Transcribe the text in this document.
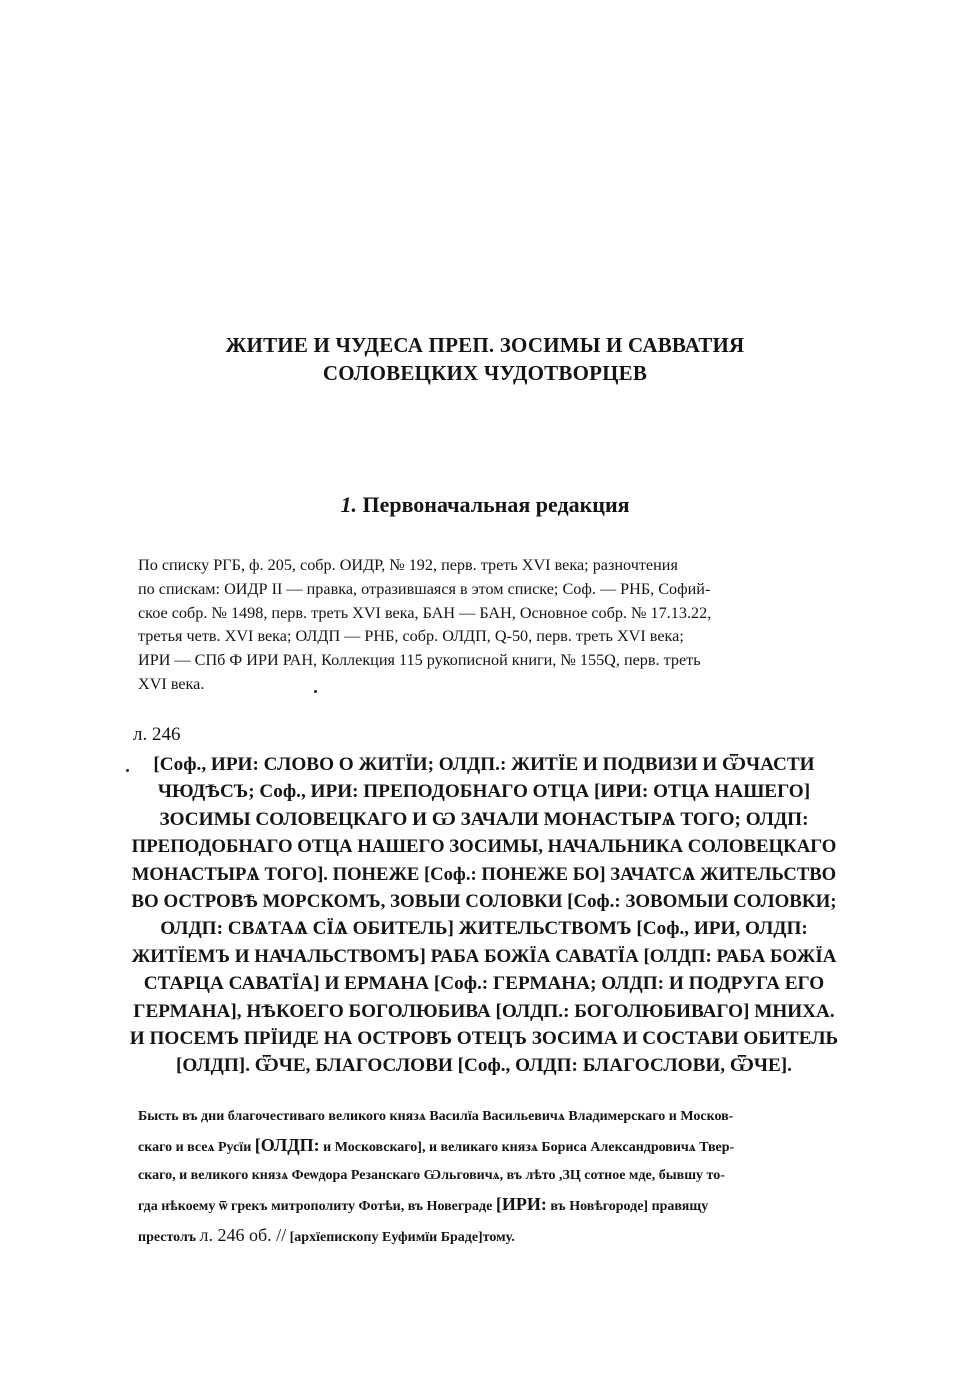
ЖИТИЕ И ЧУДЕСА ПРЕП. ЗОСИМЫ И САВВАТИЯ
СОЛОВЕЦКИХ ЧУДОТВОРЦЕВ
1. Первоначальная редакция
По списку РГБ, ф. 205, собр. ОИДР, № 192, перв. треть XVI века; разночтения
по спискам: ОИДР II — правка, отразившаяся в этом списке; Соф. — РНБ, Софий-
ское собр. № 1498, перв. треть XVI века, БАН — БАН, Основное собр. № 17.13.22,
третья четв. XVI века; ОЛДП — РНБ, собр. ОЛДП, Q-50, перв. треть XVI века;
ИРИ — СПб Ф ИРИ РАН, Коллекция 115 рукописной книги, № 155Q, перв. треть
XVI века.
л. 246
[Соф., ИРИ: СЛОВО О ЖИТЇИ; ОЛДП.: ЖИТЇЕ И ПОДВИЗИ И ѾЧАСТИ
ЧЮДѢСЪ; Соф., ИРИ: ПРЕПОДОБНАГО ОТЦА [ИРИ: ОТЦА НАШЕГО]
ЗОСИМЫ СОЛОВЕЦКАГО И Ѡ ЗАЧАЛИ МОНАСТЫРѦ ТОГО; ОЛДП:
ПРЕПОДОБНАГО ОТЦА НАШЕГО ЗОСИМЫ, НАЧАЛЬНИКА СОЛОВЕЦКАГО
МОНАСТЫРѦ ТОГО]. ПОНЕЖЕ [Соф.: ПОНЕЖЕ БО] ЗАЧАТСѦ ЖИТЕЛЬСТВО
ВО ОСТРОВѢ МОРСКОМЪ, ЗОВЫИ СОЛОВКИ [Соф.: ЗОВОМЫИ СОЛОВКИ;
ОЛДП: СВѦТАѦ СЇѦ ОБИТЕЛЬ] ЖИТЕЛЬСТВОМЪ [Соф., ИРИ, ОЛДП:
ЖИТЇЕМЪ И НАЧАЛЬСТВОМЪ] РАБА БОЖЇА САВАТЇА [ОЛДП: РАБА БОЖЇА
СТАРЦА САВАТЇА] И ЕРМАНА [Соф.: ГЕРМАНА; ОЛДП: И ПОДРУГА ЕГО
ГЕРМАНА], НѢКОЕГО БОГОЛЮБИВА [ОЛДП.: БОГОЛЮБИВАГО] МНИХА.
И ПОСЕМЪ ПРЇИДЕ НА ОСТРОВЪ ОТЕЦЪ ЗОСИМА И СОСТАВИ ОБИТЕЛЬ
[ОЛДП]. ѾЧЕ, БЛАГОСЛОВИ [Соф., ОЛДП: БЛАГОСЛОВИ, ѾЧЕ].
Бысть въ дни благочестиваго великого князѧ Василїа Васильевичѧ Владимерскаго и Москов-
скаго и всеѧ Русїи [ОЛДП: и Московскаго], и великаго князѧ Бориса Александровичѧ Твер-
скаго, и великого князѧ Феѡдора Резанскаго Ѡльговичѧ, въ лѣто ,ЗЦ сотное мде, бывшу то-
гда нѣкоему ѿ грекъ митрополиту Фотѣи, въ Новеграде [ИРИ: въ Новѣгороде] правящу
престолъ л. 246 об. // [архїепископу Еуфимїи Браде]тому.
